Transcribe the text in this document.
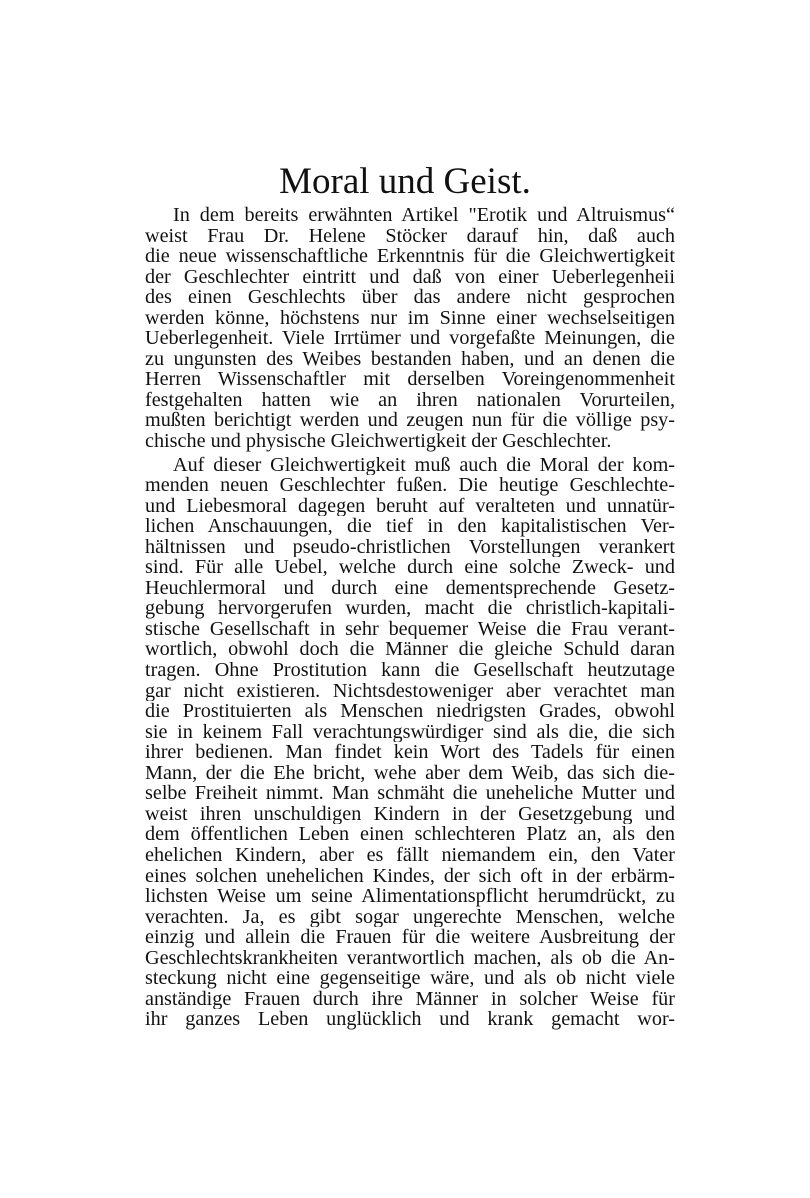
Moral und Geist.
In dem bereits erwähnten Artikel "Erotik und Altruismus“
weist Frau Dr. Helene Stöcker darauf hin, daß auch
die neue wissenschaftliche Erkenntnis für die Gleichwertigkeit
der Geschlechter eintritt und daß von einer Ueberlegenheii
des einen Geschlechts über das andere nicht gesprochen
werden könne, höchstens nur im Sinne einer wechselseitigen
Ueberlegenheit. Viele Irrtümer und vorgefaßte Meinungen, die
zu ungunsten des Weibes bestanden haben, und an denen die
Herren Wissenschaftler mit derselben Voreingenommenheit
festgehalten hatten wie an ihren nationalen Vorurteilen,
mußten berichtigt werden und zeugen nun für die völlige psy-
chische und physische Gleichwertigkeit der Geschlechter.
Auf dieser Gleichwertigkeit muß auch die Moral der kom-
menden neuen Geschlechter fußen. Die heutige Geschlechte-
und Liebesmoral dagegen beruht auf veralteten und unnatür-
lichen Anschauungen, die tief in den kapitalistischen Ver-
hältnissen und pseudo-christlichen Vorstellungen verankert
sind. Für alle Uebel, welche durch eine solche Zweck- und
Heuchlermoral und durch eine dementsprechende Gesetz-
gebung hervorgerufen wurden, macht die christlich-kapitali-
stische Gesellschaft in sehr bequemer Weise die Frau verant-
wortlich, obwohl doch die Männer die gleiche Schuld daran
tragen. Ohne Prostitution kann die Gesellschaft heutzutage
gar nicht existieren. Nichtsdestoweniger aber verachtet man
die Prostituierten als Menschen niedrigsten Grades, obwohl
sie in keinem Fall verachtungswürdiger sind als die, die sich
ihrer bedienen. Man findet kein Wort des Tadels für einen
Mann, der die Ehe bricht, wehe aber dem Weib, das sich die-
selbe Freiheit nimmt. Man schmäht die uneheliche Mutter und
weist ihren unschuldigen Kindern in der Gesetzgebung und
dem öffentlichen Leben einen schlechteren Platz an, als den
ehelichen Kindern, aber es fällt niemandem ein, den Vater
eines solchen unehelichen Kindes, der sich oft in der erbärm-
lichsten Weise um seine Alimentationspflicht herumdrückt, zu
verachten. Ja, es gibt sogar ungerechte Menschen, welche
einzig und allein die Frauen für die weitere Ausbreitung der
Geschlechtskrankheiten verantwortlich machen, als ob die An-
steckung nicht eine gegenseitige wäre, und als ob nicht viele
anständige Frauen durch ihre Männer in solcher Weise für
ihr ganzes Leben unglücklich und krank gemacht wor-
